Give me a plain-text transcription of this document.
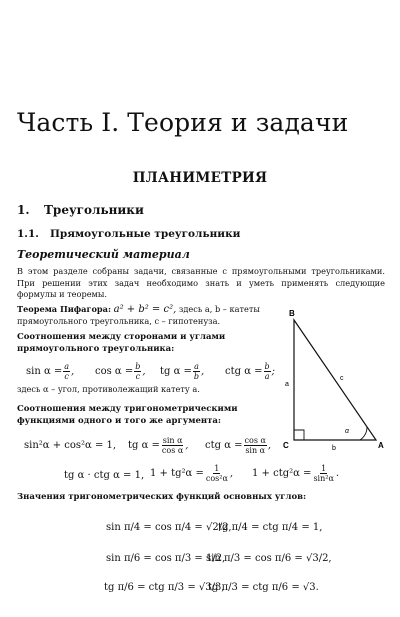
Часть I. Теория и задачи
ПЛАНИМЕТРИЯ
1. Треугольники
1.1. Прямоугольные треугольники
Теоретический материал
В этом разделе собраны задачи, связанные с прямоугольными треугольниками. При решении этих задач необходимо знать и уметь применять следующие формулы и теоремы.
Теорема Пифагора: a² + b² = c², здесь a, b – катеты
прямоугольного треугольника, c – гипотенуза.
Соотношения между сторонами и углами прямоугольного треугольника:
$\sin \alpha = \frac{a}{c}$ , $\cos \alpha = \frac{b}{c}$ , tg $\alpha = \frac{a}{b}$ , ctg $\alpha = \frac{b}{a}$ ;
здесь α – угол, противолежащий катету a.
Соотношения между тригонометрическими функциями одного и того же аргумента:
sin²α + cos²α = 1, tg $\alpha = \frac{\text{sin α}}{\text{cos α}}$ , ctg $\alpha = \frac{\text{cos α}}{\text{sin α}}$ ,
tg α · ctg α = 1, $1 + tg^2\alpha = \frac{1}{\text{cos²α}}$ , $1 + ctg^2\alpha = \frac{1}{\text{sin²α}}$ .
Значения тригонометрических функций основных углов:
sin π/4 = cos π/4 = √2/2,
tg π/4 = ctg π/4 = 1,
sin π/6 = cos π/3 = 1/2,
sin π/3 = cos π/6 = √3/2,
tg π/6 = ctg π/3 = √3/3,
tg π/3 = ctg π/6 = √3.
B
C	A
a
b
c
α
